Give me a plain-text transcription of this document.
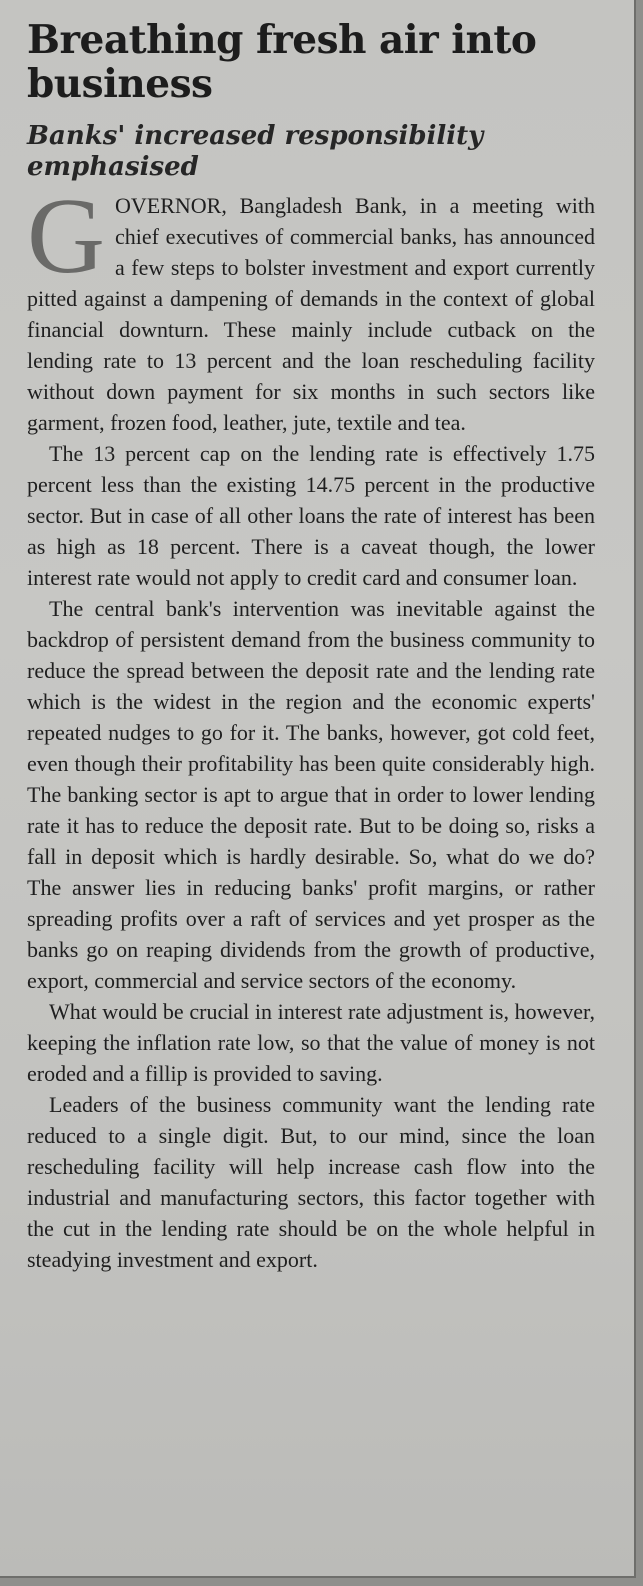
Breathing fresh air into business
Banks' increased responsibility emphasised

GOVERNOR, Bangladesh Bank, in a meeting with chief executives of commercial banks, has announced a few steps to bolster investment and export currently pitted against a dampening of demands in the context of global financial downturn. These mainly include cutback on the lending rate to 13 percent and the loan rescheduling facility without down payment for six months in such sectors like garment, frozen food, leather, jute, textile and tea.

The 13 percent cap on the lending rate is effectively 1.75 percent less than the existing 14.75 percent in the productive sector. But in case of all other loans the rate of interest has been as high as 18 percent. There is a caveat though, the lower interest rate would not apply to credit card and consumer loan.

The central bank's intervention was inevitable against the backdrop of persistent demand from the business community to reduce the spread between the deposit rate and the lending rate which is the widest in the region and the economic experts' repeated nudges to go for it. The banks, however, got cold feet, even though their profitability has been quite considerably high. The banking sector is apt to argue that in order to lower lending rate it has to reduce the deposit rate. But to be doing so, risks a fall in deposit which is hardly desirable. So, what do we do? The answer lies in reducing banks' profit margins, or rather spreading profits over a raft of services and yet prosper as the banks go on reaping dividends from the growth of productive, export, commercial and service sectors of the economy.

What would be crucial in interest rate adjustment is, however, keeping the inflation rate low, so that the value of money is not eroded and a fillip is provided to saving.

Leaders of the business community want the lending rate reduced to a single digit. But, to our mind, since the loan rescheduling facility will help increase cash flow into the industrial and manufacturing sectors, this factor together with the cut in the lending rate should be on the whole helpful in steadying investment and export.
